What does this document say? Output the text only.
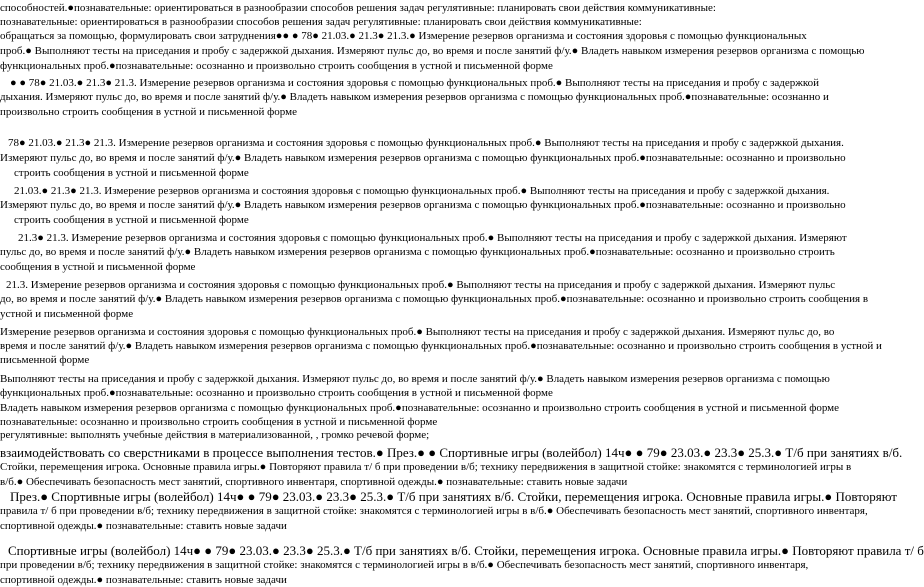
способностей.●познавательные: ориентироваться в разнообразии способов решения задач регулятивные: планировать свои действия коммуникативные:
познавательные: ориентироваться в разнообразии способов решения задач регулятивные: планировать свои действия коммуникативные:
обращаться за помощью, формулировать свои затруднения●● ● 78● 21.03.● 21.3● 21.3.● Измерение резервов организма и состояния здоровья с помощью функциональных
проб.● Выполняют тесты на приседания и пробу с задержкой дыхания. Измеряют пульс до, во время и после занятий ф/у.● Владеть навыком измерения резервов организма с помощью
функциональных проб.●познавательные: осознанно и произвольно строить сообщения в устной и письменной форме
● ● 78● 21.03.● 21.3● 21.3. Измерение резервов организма и состояния здоровья с помощью функциональных проб.● Выполняют тесты на приседания и пробу с задержкой
дыхания. Измеряют пульс до, во время и после занятий ф/у.● Владеть навыком измерения резервов организма с помощью функциональных проб.●познавательные: осознанно и
произвольно строить сообщения в устной и письменной форме
78● 21.03.● 21.3● 21.3. Измерение резервов организма и состояния здоровья с помощью функциональных проб.● Выполняют тесты на приседания и пробу с задержкой дыхания.
Измеряют пульс до, во время и после занятий ф/у.● Владеть навыком измерения резервов организма с помощью функциональных проб.●познавательные: осознанно и произвольно
строить сообщения в устной и письменной форме
21.03.● 21.3● 21.3. Измерение резервов организма и состояния здоровья с помощью функциональных проб.● Выполняют тесты на приседания и пробу с задержкой дыхания.
Измеряют пульс до, во время и после занятий ф/у.● Владеть навыком измерения резервов организма с помощью функциональных проб.●познавательные: осознанно и произвольно
строить сообщения в устной и письменной форме
21.3● 21.3. Измерение резервов организма и состояния здоровья с помощью функциональных проб.● Выполняют тесты на приседания и пробу с задержкой дыхания. Измеряют
пульс до, во время и после занятий ф/у.● Владеть навыком измерения резервов организма с помощью функциональных проб.●познавательные: осознанно и произвольно строить
сообщения в устной и письменной форме
21.3. Измерение резервов организма и состояния здоровья с помощью функциональных проб.● Выполняют тесты на приседания и пробу с задержкой дыхания. Измеряют пульс
до, во время и после занятий ф/у.● Владеть навыком измерения резервов организма с помощью функциональных проб.●познавательные: осознанно и произвольно строить сообщения в
устной и письменной форме
Измерение резервов организма и состояния здоровья с помощью функциональных проб.● Выполняют тесты на приседания и пробу с задержкой дыхания. Измеряют пульс до, во
время и после занятий ф/у.● Владеть навыком измерения резервов организма с помощью функциональных проб.●познавательные: осознанно и произвольно строить сообщения в устной и
письменной форме
Выполняют тесты на приседания и пробу с задержкой дыхания. Измеряют пульс до, во время и после занятий ф/у.● Владеть навыком измерения резервов организма с помощью
функциональных проб.●познавательные: осознанно и произвольно строить сообщения в устной и письменной форме
Владеть навыком измерения резервов организма с помощью функциональных проб.●познавательные: осознанно и произвольно строить сообщения в устной и письменной форме
познавательные: осознанно и произвольно строить сообщения в устной и письменной форме
регулятивные: выполнять учебные действия в материализованной, , громко речевой форме;
взаимодействовать со сверстниками в процессе выполнения тестов.● През.● ● Спортивные игры (волейбол) 14ч● ● 79● 23.03.● 23.3● 25.3.● Т/б при занятиях в/б.
Стойки, перемещения игрока. Основные правила игры.● Повторяют правила т/ б при проведении в/б; технику передвижения в защитной стойке: знакомятся с терминологией игры в
в/б.● Обеспечивать безопасность мест занятий, спортивного инвентаря, спортивной одежды.● познавательные: ставить новые задачи
През.● Спортивные игры (волейбол) 14ч● ● 79● 23.03.● 23.3● 25.3.● Т/б при занятиях в/б. Стойки, перемещения игрока. Основные правила игры.● Повторяют
правила т/ б при проведении в/б; технику передвижения в защитной стойке: знакомятся с терминологией игры в в/б.● Обеспечивать безопасность мест занятий, спортивного инвентаря,
спортивной одежды.● познавательные: ставить новые задачи
Спортивные игры (волейбол) 14ч● ● 79● 23.03.● 23.3● 25.3.● Т/б при занятиях в/б. Стойки, перемещения игрока. Основные правила игры.● Повторяют правила т/ б
при проведении в/б; технику передвижения в защитной стойке: знакомятся с терминологией игры в в/б.● Обеспечивать безопасность мест занятий, спортивного инвентаря,
спортивной одежды.● познавательные: ставить новые задачи
